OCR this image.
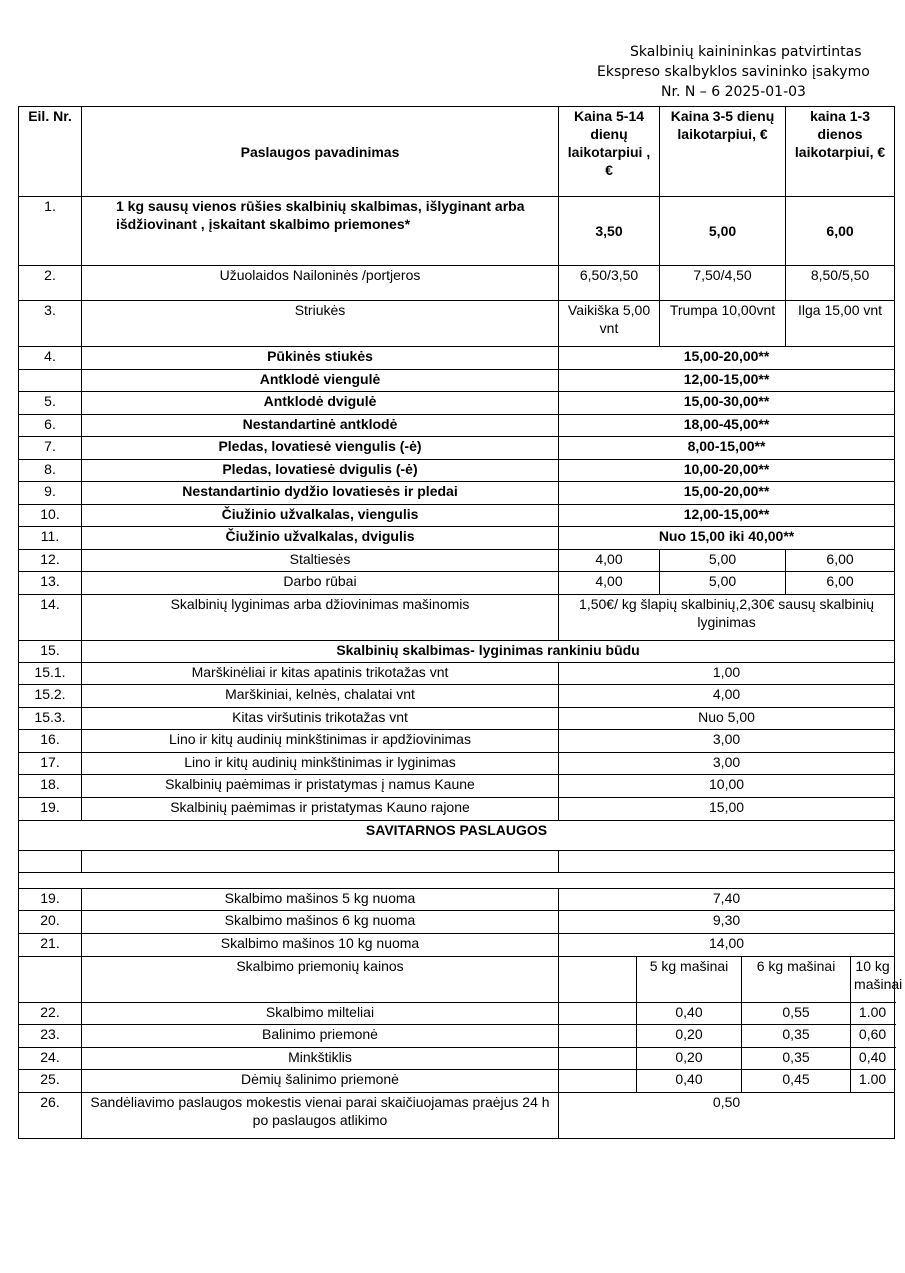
Skalbinių kainininkas patvirtintas
Ekspreso skalbyklos savininko įsakymo
Nr. N – 6 2025-01-03
Eil. Nr.	Paslaugos pavadinimas	Kaina 5-14 dienų laikotarpiui , €		Kaina 3-5 dienų laikotarpiui, €		kaina 1-3 dienos laikotarpiui, €	
1.	1 kg sausų vienos rūšies skalbinių skalbimas, išlyginant arba išdžiovinant , įskaitant skalbimo priemones*	3,50		5,00		6,00	
2.	Užuolaidos Nailoninės /portjeros	6,50/3,50		7,50/4,50		8,50/5,50	
3.	Striukės	Vaikiška 5,00 vnt		Trumpa 10,00vnt		Ilga 15,00 vnt	
4.	Pūkinės stiukės	15,00-20,00**					
	Antklodė viengulė	12,00-15,00**					
5.	Antklodė dvigulė	15,00-30,00**					
6.	Nestandartinė antklodė	18,00-45,00**					
7.	Pledas, lovatiesė viengulis (-ė)	8,00-15,00**					
8.	Pledas, lovatiesė dvigulis (-ė)	10,00-20,00**					
9.	Nestandartinio dydžio lovatiesės ir pledai	15,00-20,00**					
10.	Čiužinio užvalkalas, viengulis	12,00-15,00**					
11.	Čiužinio užvalkalas, dvigulis	Nuo 15,00 iki 40,00**					
12.	Staltiesės	4,00		5,00		6,00	
13.	Darbo rūbai	4,00		5,00		6,00	
14.	Skalbinių lyginimas arba džiovinimas mašinomis	1,50€/ kg šlapių skalbinių,2,30€ sausų skalbinių lyginimas					
15.	Skalbinių skalbimas- lyginimas rankiniu būdu						
15.1.	Marškinėliai ir kitas apatinis trikotažas vnt	1,00					
15.2.	Marškiniai, kelnės, chalatai vnt	4,00					
15.3.	Kitas viršutinis trikotažas vnt	Nuo 5,00					
16.	Lino ir kitų audinių minkštinimas ir apdžiovinimas	3,00					
17.	Lino ir kitų audinių minkštinimas ir lyginimas	3,00					
18.	Skalbinių paėmimas ir pristatymas į namus Kaune	10,00					
19.	Skalbinių paėmimas ir pristatymas Kauno rajone	15,00					
SAVITARNOS PASLAUGOS							

19.	Skalbimo mašinos 5 kg nuoma	7,40					
20.	Skalbimo mašinos 6 kg nuoma	9,30					
21.	Skalbimo mašinos 10 kg nuoma	14,00					
	Skalbimo priemonių kainos		5 kg mašinai		6 kg mašinai		10 kg mašinai
22.	Skalbimo milteliai		0,40		0,55		1.00
23.	Balinimo priemonė		0,20		0,35		0,60
24.	Minkštiklis		0,20		0,35		0,40
25.	Dėmių šalinimo priemonė		0,40		0,45		1.00
26.	Sandėliavimo paslaugos mokestis vienai parai skaičiuojamas praėjus 24 h po paslaugos atlikimo	0,50					
